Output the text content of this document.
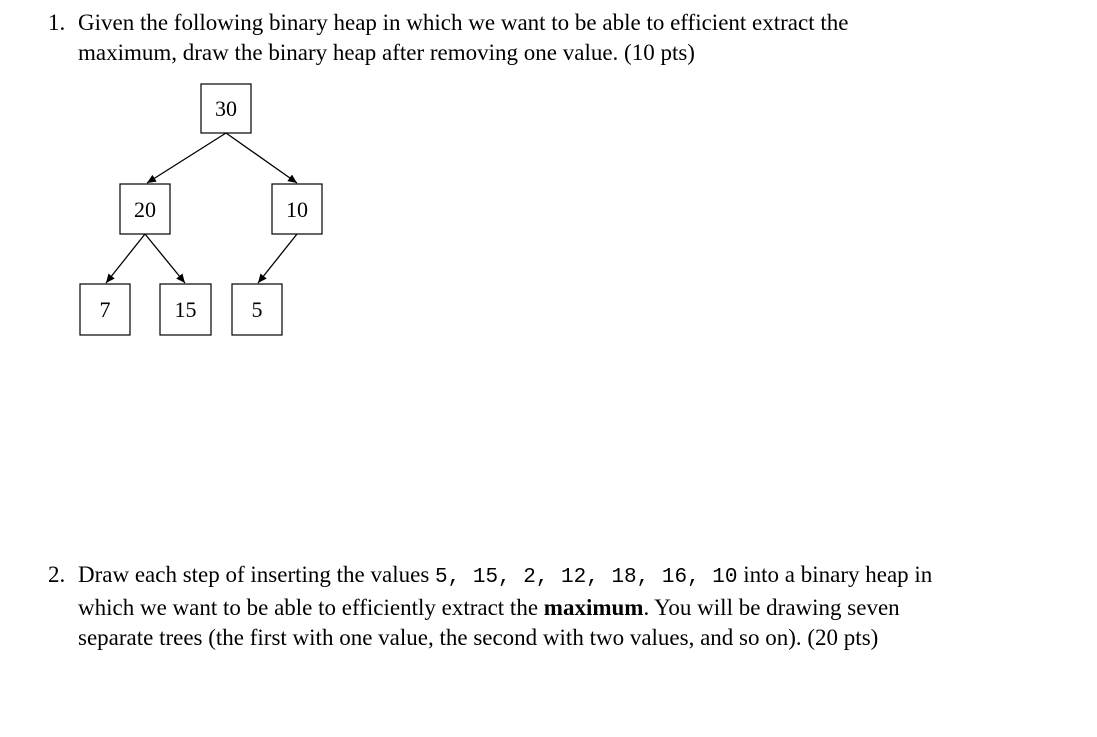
1. Given the following binary heap in which we want to be able to efficient extract the
maximum, draw the binary heap after removing one value. (10 pts)
30
20	10
7	15	5
2. Draw each step of inserting the values 5, 15, 2, 12, 18, 16, 10 into a binary heap in
which we want to be able to efficiently extract the maximum. You will be drawing seven
separate trees (the first with one value, the second with two values, and so on). (20 pts)
